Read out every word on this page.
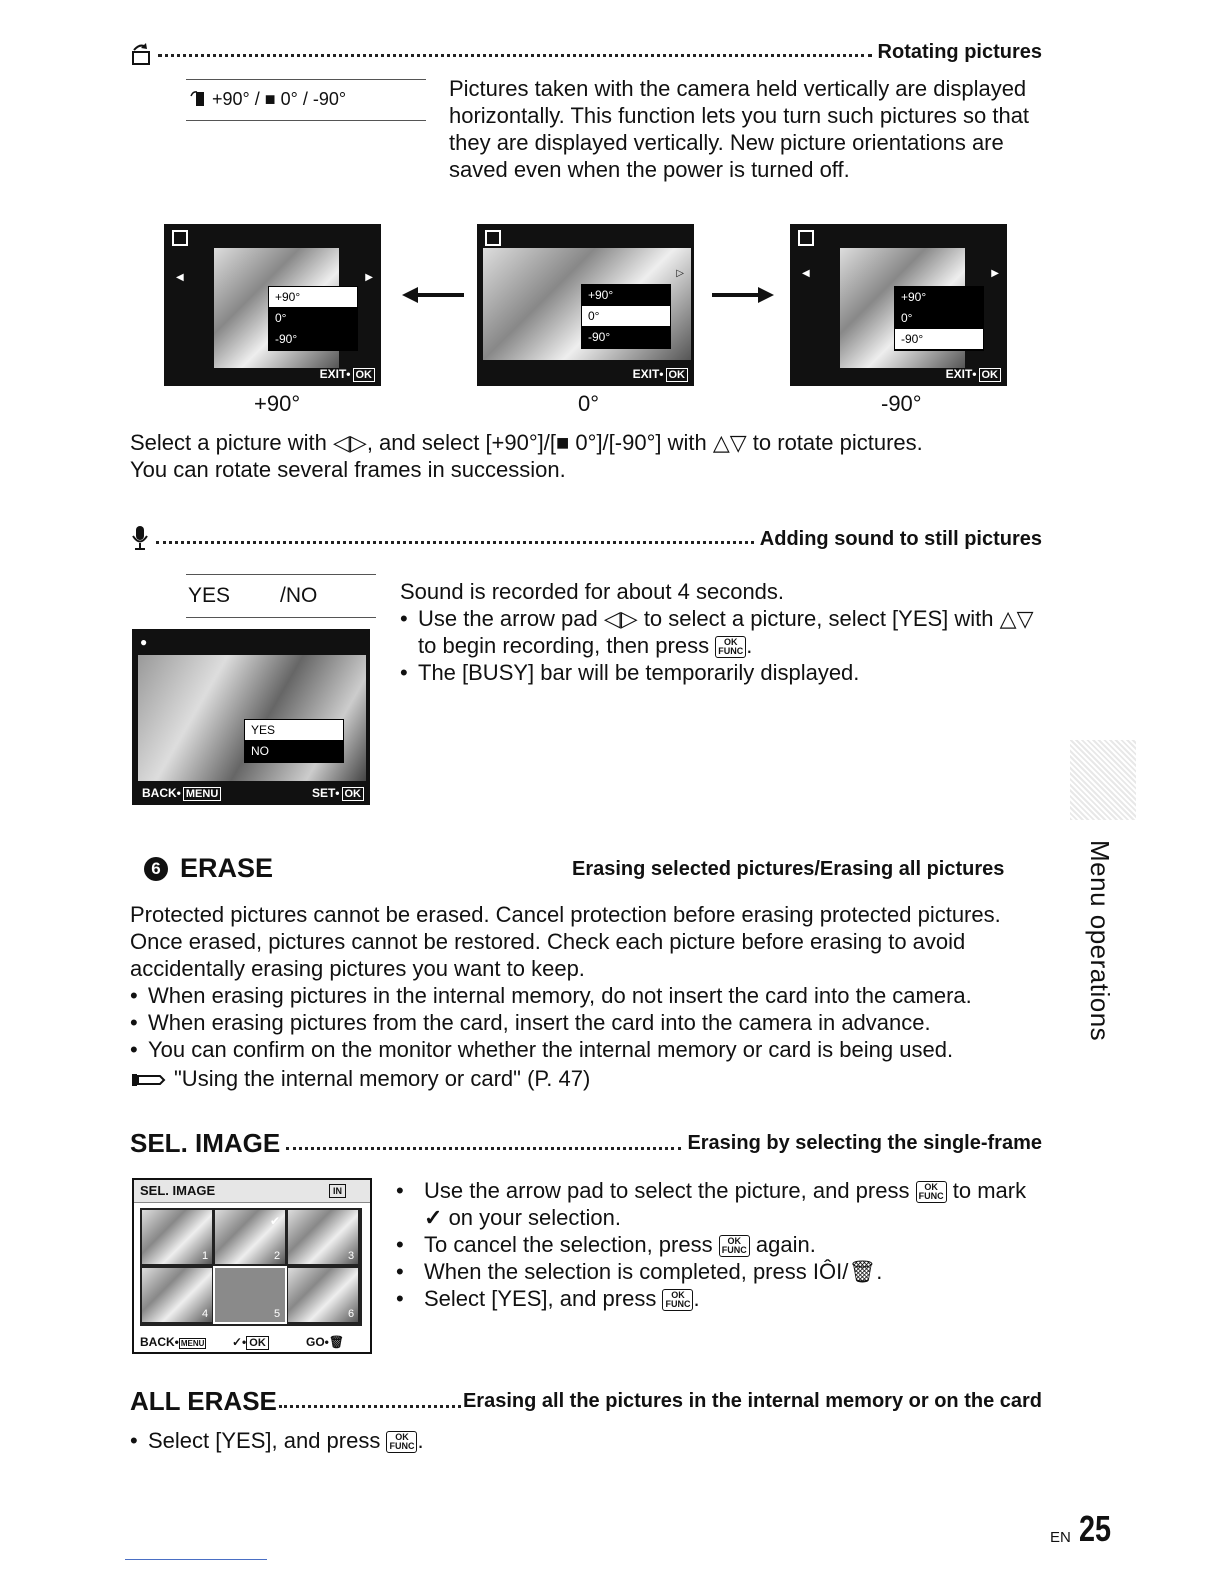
Rotating pictures
+90° / ■ 0° / -90°	Pictures taken with the camera held vertically are displayed horizontally. This function lets you turn such pictures so that they are displayed vertically. New picture orientations are saved even when the power is turned off.
◀	▶
+90°
0°
-90°
EXIT• OK
+90°
▷
+90°
0°
-90°
EXIT• OK
0°
◀	▶
+90°
0°
-90°
EXIT• OK
-90°
Select a picture with ◁▷, and select [+90°]/[■ 0°]/[-90°] with △▽ to rotate pictures.
You can rotate several frames in succession.
Adding sound to still pictures
YES /NO
●
YES
NO
BACK• MENU	SET• OK
Sound is recorded for about 4 seconds.
• Use the arrow pad ◁▷ to select a picture, select [YES] with △▽ to begin recording, then press OK
FUNC .
• The [BUSY] bar will be temporarily displayed.
6 ERASE	Erasing selected pictures/Erasing all pictures
Protected pictures cannot be erased. Cancel protection before erasing protected pictures.
Once erased, pictures cannot be restored. Check each picture before erasing to avoid
accidentally erasing pictures you want to keep.
• When erasing pictures in the internal memory, do not insert the card into the camera.
• When erasing pictures from the card, insert the card into the camera in advance.
• You can confirm on the monitor whether the internal memory or card is being used.
"Using the internal memory or card" (P. 47)
SEL. IMAGE	Erasing by selecting the single-frame
SEL. IMAGE	IN
1	2	3
4	5	6
✔
BACK• MENU ✓• OK	GO•🗑
• Use the arrow pad to select the picture, and press OK
FUNC to mark
✓ on your selection.
• To cancel the selection, press OK
FUNC again.
• When the selection is completed, press IÔI/🗑.
• Select [YES], and press OK
FUNC .
ALL ERASE	Erasing all the pictures in the internal memory or on the card
• Select [YES], and press OK
FUNC .
Menu operations
EN 25
